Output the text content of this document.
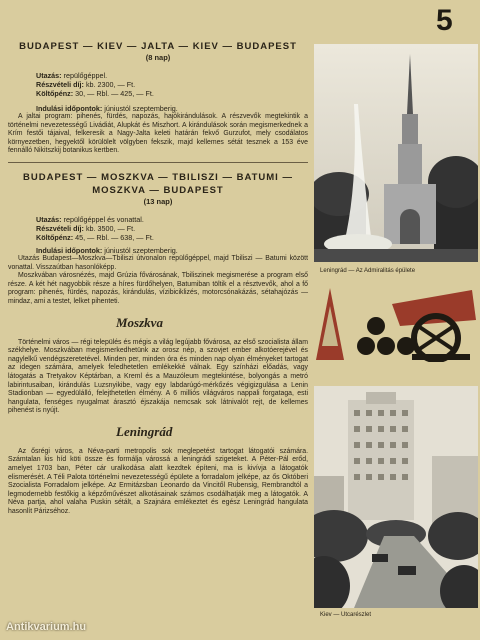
5
BUDAPEST — KIEV — JALTA — KIEV — BUDAPEST
(8 nap)
Utazás: repülőgéppel.
Részvételi díj: kb. 2300, — Ft.
Költőpénz: 30, — Rbl. — 425, — Ft.
Indulási időpontok: júniustól szeptemberig.
A jaltai program: pihenés, fürdés, napozás, hajókirándulások. A részvevők megtekintik a történelmi nevezetességű Livádiát, Alupkát és Miszhort. A kirándulások során megismerkednek a Krím festői tájaival, felkeresik a Nagy-Jalta keleti határán fekvő Gurzufot, mely csodálatos környezetben, hegyektől körülölelt völgyben fekszik, majd kellemes sétát tesznek a 153 éve fennálló Nikitszkij botanikus kertben.
BUDAPEST — MOSZKVA — TBILISZI — BATUMI —
MOSZKVA — BUDAPEST
(13 nap)
Utazás: repülőgéppel és vonattal.
Részvételi díj: kb. 3500, — Ft.
Költőpénz: 45, — Rbl. — 638, — Ft.
Indulási időpontok: júniustól szeptemberig.
Utazás Budapest—Moszkva—Tbiliszi útvonalon repülőgéppel, majd Tbiliszi — Batumi között vonattal. Visszaútban hasonlóképp.
Moszkvában városnézés, majd Grúzia fővárosának, Tbiliszinek megismerése a program első része. A két hét nagyobbik része a híres fürdőhelyen, Batumiban töltik el a résztvevők, ahol a fő program: pihenés, fürdés, napozás, kirándulás, vízibiciklizés, motorcsónakázás, sétahajózás — mindaz, ami a testet, lelket pihenteti.
Moszkva
Történelmi város — régi település és mégis a világ legújabb fővárosa, az első szocialista állam székhelye. Moszkvában megismerkedhetünk az orosz nép, a szovjet ember alkotóerejével és nagylelkű vendégszeretetével. Minden per, minden óra és minden nap olyan élményeket tartogat az idegen számára, amelyek feledhetetlen emlékekké válnak. Egy színházi előadás, vagy látogatás a Tretyakov Képtárban, a Kreml és a Mauzóleum megtekintése, bolyongás a metró labirintusaiban, kirándulás Luzsnyikibe, vagy egy labdarúgó-mérkőzés végigizgulása a Lenin Stadionban — egyedülálló, felejthetetlen élmény. A 6 milliós világváros nappali forgataga, esti hangulata, fenséges nyugalmat árasztó éjszakája nemcsak sok látnivalót rejt, de kellemes pihenést is nyújt.
Leningrád
Az ősrégi város, a Néva-parti metropolis sok meglepetést tartogat látogatói számára. Számtalan kis híd köti össze és formálja várossá a leningrádi szigeteket. A Péter-Pál erőd, amelyet 1703 ban, Péter cár uralkodása alatt kezdtek építeni, ma is kivívja a látogatók elismerését. A Téli Palota történelmi nevezetességű épülete a forradalom jelképe, az ős Októberi Szocialista Forradalom jelképe. Az Ermitázsban Leonardo da Vincitől Rubensig, Rembrandtól a legmodernebb festőkig a képzőművészet alkotásainak számos csodálhatják meg a látogatók. A Néva partja, ahol valaha Puskin sétált, a Szajnára emlékeztet és egész Leningrád hangulata hasonlít Párizséhoz.
Leningrád — Az Admiralitás épülete
Kiev — Utcarészlet
Antikvarium.hu
